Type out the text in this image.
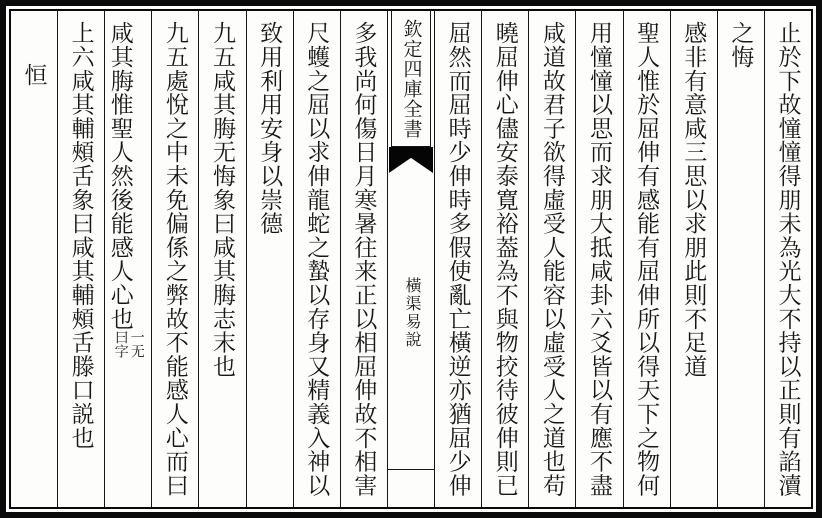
止於下故憧憧得朋未為光大不持以正則有諂瀆
之悔
感非有意咸三思以求朋此則不足道
聖人惟於屈伸有感能有屈伸所以得天下之物何
用憧憧以思而求朋大抵咸卦六爻皆以有應不盡
咸道故君子欲得虛受人能容以虛受人之道也苟
曉屈伸心儘安泰寛裕葢為不與物挍待彼伸則已
屈然而屈時少伸時多假使亂亡橫逆亦猶屈少伸
欽定四庫全書
橫渠易說
多我尚何傷日月寒暑往来正以相屈伸故不相害
尺蠖之屈以求伸龍蛇之蟄以存身又精義入神以
致用利用安身以崇德
九五咸其脢无悔象曰咸其脢志末也
九五處悅之中未免偏係之弊故不能感人心而曰
咸其脢惟聖人然後能感人心也
一无
曰字
上六咸其輔頰舌象曰咸其輔頰舌滕口説也
恒
